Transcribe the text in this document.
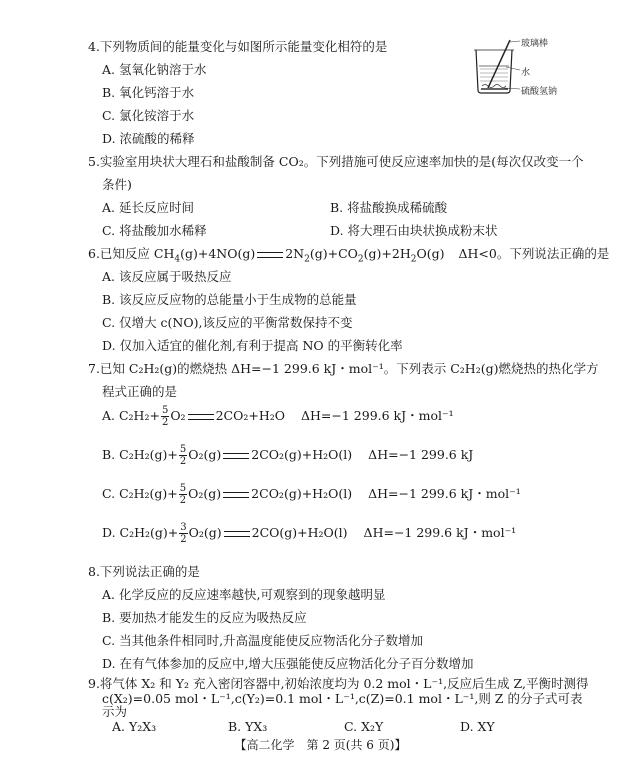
4.下列物质间的能量变化与如图所示能量变化相符的是
A. 氢氧化钠溶于水
B. 氧化钙溶于水
C. 氯化铵溶于水
D. 浓硫酸的稀释
玻璃棒
水
硫酸氢钠
5.实验室用块状大理石和盐酸制备 CO₂。下列措施可使反应速率加快的是(每次仅改变一个
条件)
A. 延长反应时间	B. 将盐酸换成稀硫酸
C. 将盐酸加水稀释	D. 将大理石由块状换成粉末状
6.已知反应 $CH_4(g)+4NO(g)$ $2N_2(g)+CO_2(g)+2H_2O(g)$ ΔH<0。下列说法正确的是
A. 该反应属于吸热反应
B. 该反应反应物的总能量小于生成物的总能量
C. 仅增大 c(NO),该反应的平衡常数保持不变
D. 仅加入适宜的催化剂,有利于提高 NO 的平衡转化率
7.已知 C₂H₂(g)的燃烧热 ΔH=−1 299.6 kJ・mol⁻¹。下列表示 C₂H₂(g)燃烧热的热化学方
程式正确的是
A. $C_2H_2+ \frac{5}{2} O_2$ 2CO₂+H₂O ΔH=−1 299.6 kJ・mol⁻¹
B. $C_2H_2(g)+ \frac{5}{2} O_2(g)$ 2CO₂(g)+H₂O(l) ΔH=−1 299.6 kJ
C. $C_2H_2(g)+ \frac{5}{2} O_2(g)$ 2CO₂(g)+H₂O(l) ΔH=−1 299.6 kJ・mol⁻¹
D. $C_2H_2(g)+ \frac{3}{2} O_2(g)$ 2CO(g)+H₂O(l) ΔH=−1 299.6 kJ・mol⁻¹
8.下列说法正确的是
A. 化学反应的反应速率越快,可观察到的现象越明显
B. 要加热才能发生的反应为吸热反应
C. 当其他条件相同时,升高温度能使反应物活化分子数增加
D. 在有气体参加的反应中,增大压强能使反应物活化分子百分数增加
9.将气体 X₂ 和 Y₂ 充入密闭容器中,初始浓度均为 0.2 mol・L⁻¹,反应后生成 Z,平衡时测得
c(X₂)=0.05 mol・L⁻¹,c(Y₂)=0.1 mol・L⁻¹,c(Z)=0.1 mol・L⁻¹,则 Z 的分子式可表
示为
【高二化学　第 2 页(共 6 页)】
A. Y₂X₃	B. YX₃	C. X₂Y	D. XY
